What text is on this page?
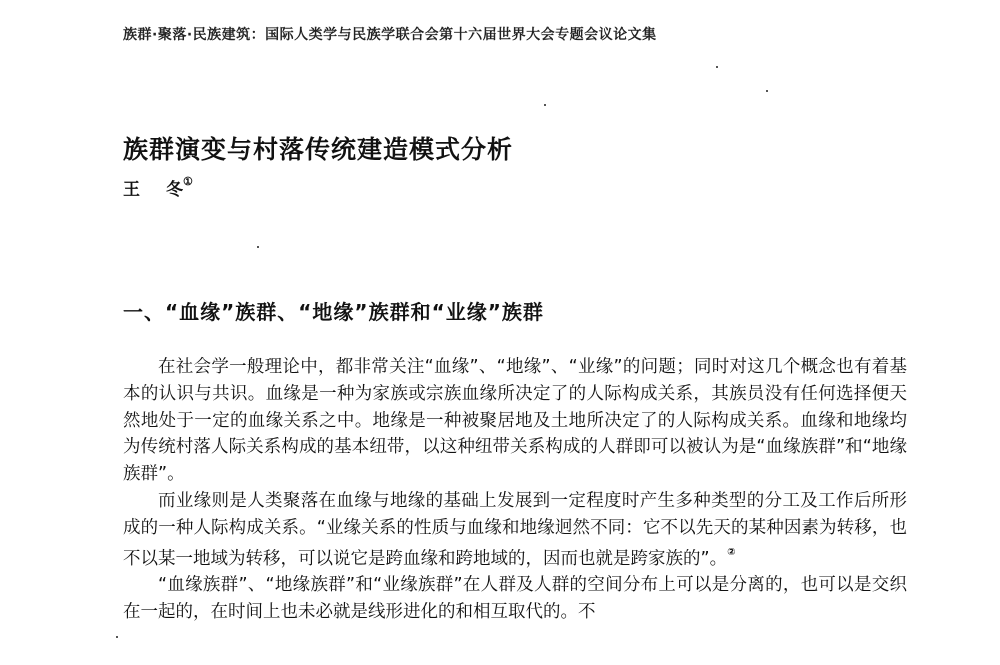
族群·聚落·民族建筑：国际人类学与民族学联合会第十六届世界大会专题会议论文集
族群演变与村落传统建造模式分析
王 冬①
一、“血缘”族群、“地缘”族群和“业缘”族群

在社会学一般理论中，都非常关注“血缘”、“地缘”、“业缘”的问题；同时对这几个概念也有着基本的认识与共识。血缘是一种为家族或宗族血缘所决定了的人际构成关系，其族员没有任何选择便天然地处于一定的血缘关系之中。地缘是一种被聚居地及土地所决定了的人际构成关系。血缘和地缘均为传统村落人际关系构成的基本纽带，以这种纽带关系构成的人群即可以被认为是“血缘族群”和“地缘族群”。

而业缘则是人类聚落在血缘与地缘的基础上发展到一定程度时产生多种类型的分工及工作后所形成的一种人际构成关系。“业缘关系的性质与血缘和地缘迥然不同：它不以先天的某种因素为转移，也不以某一地域为转移，可以说它是跨血缘和跨地域的，因而也就是跨家族的”。②

“血缘族群”、“地缘族群”和“业缘族群”在人群及人群的空间分布上可以是分离的，也可以是交织在一起的，在时间上也未必就是线形进化的和相互取代的。不
